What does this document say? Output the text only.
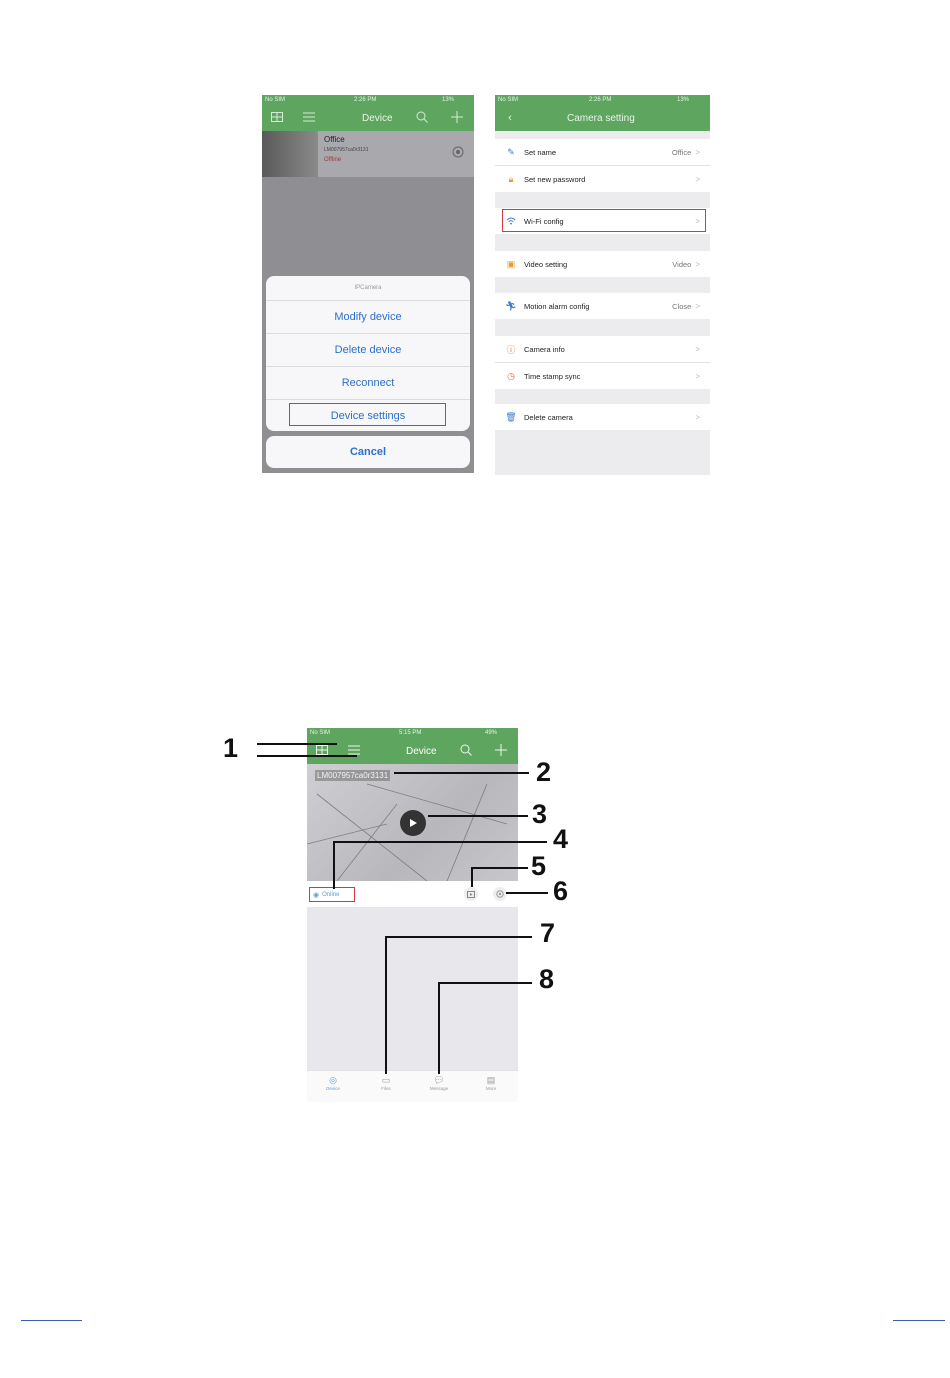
No SIM	2:26 PM	13%
Device
Office
LM007957ca0r3131
Offline
IPCamera
Modify device
Delete device
Reconnect
Device settings
Cancel
No SIM	2:26 PM	13%
‹	Camera setting
✎	Set name	Office >
🔒︎	Set new password	>
Wi-Fi config	>
▣	Video setting	Video >
🏃︎ Motion alarm config	Close >
ⓘ	Camera info	>
◷	Time stamp sync	>
🗑︎ Delete camera	>
No SIM	5:15 PM	49%
Device
LM007957ca0r3131
◉ Online
◎
Device
▭
Files
💬︎
Message
▤
More
1
2
3
4
5
6
7
8
